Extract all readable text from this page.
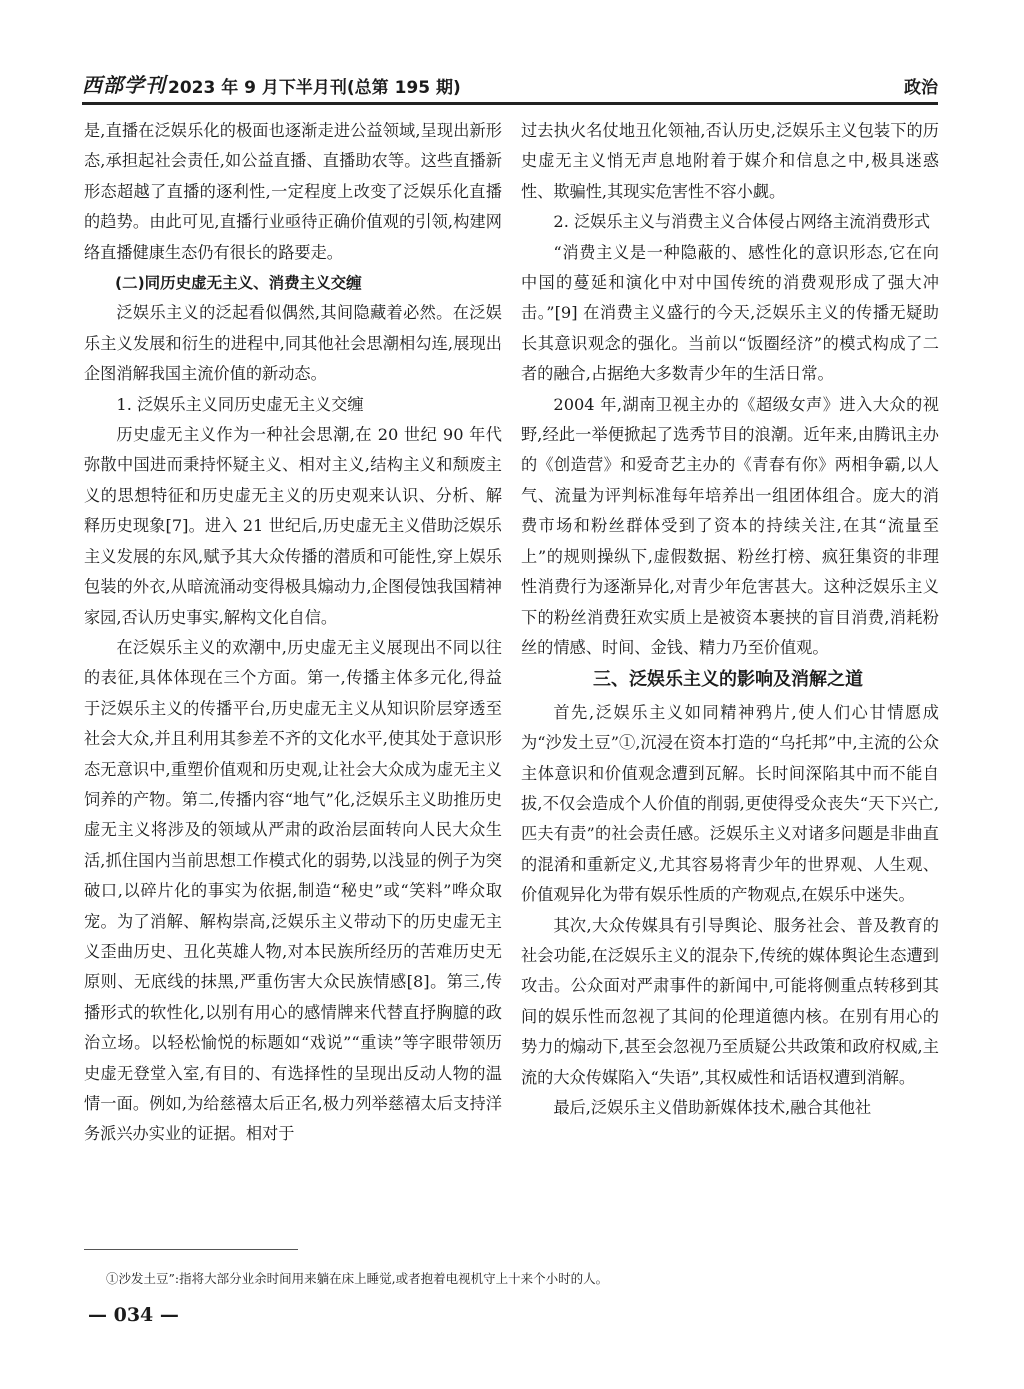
西部学刊 2023 年 9 月下半月刊(总第 195 期)	政治

是,直播在泛娱乐化的极面也逐渐走进公益领域,呈现出新形态,承担起社会责任,如公益直播、直播助农等。这些直播新形态超越了直播的逐利性,一定程度上改变了泛娱乐化直播的趋势。由此可见,直播行业亟待正确价值观的引领,构建网络直播健康生态仍有很长的路要走。

(二)同历史虚无主义、消费主义交缠

泛娱乐主义的泛起看似偶然,其间隐藏着必然。在泛娱乐主义发展和衍生的进程中,同其他社会思潮相勾连,展现出企图消解我国主流价值的新动态。

1. 泛娱乐主义同历史虚无主义交缠

历史虚无主义作为一种社会思潮,在 20 世纪 90 年代弥散中国进而秉持怀疑主义、相对主义,结构主义和颓废主义的思想特征和历史虚无主义的历史观来认识、分析、解释历史现象[7]。进入 21 世纪后,历史虚无主义借助泛娱乐主义发展的东风,赋予其大众传播的潜质和可能性,穿上娱乐包装的外衣,从暗流涌动变得极具煽动力,企图侵蚀我国精神家园,否认历史事实,解构文化自信。

在泛娱乐主义的欢潮中,历史虚无主义展现出不同以往的表征,具体体现在三个方面。第一,传播主体多元化,得益于泛娱乐主义的传播平台,历史虚无主义从知识阶层穿透至社会大众,并且利用其参差不齐的文化水平,使其处于意识形态无意识中,重塑价值观和历史观,让社会大众成为虚无主义饲养的产物。第二,传播内容“地气”化,泛娱乐主义助推历史虚无主义将涉及的领域从严肃的政治层面转向人民大众生活,抓住国内当前思想工作模式化的弱势,以浅显的例子为突破口,以碎片化的事实为依据,制造“秘史”或“笑料”哗众取宠。为了消解、解构崇高,泛娱乐主义带动下的历史虚无主义歪曲历史、丑化英雄人物,对本民族所经历的苦难历史无原则、无底线的抹黑,严重伤害大众民族情感[8]。第三,传播形式的软性化,以别有用心的感情牌来代替直抒胸臆的政治立场。以轻松愉悦的标题如“戏说”“重读”等字眼带领历史虚无登堂入室,有目的、有选择性的呈现出反动人物的温情一面。例如,为给慈禧太后正名,极力列举慈禧太后支持洋务派兴办实业的证据。相对于

过去执火名仗地丑化领袖,否认历史,泛娱乐主义包装下的历史虚无主义悄无声息地附着于媒介和信息之中,极具迷惑性、欺骗性,其现实危害性不容小觑。

2. 泛娱乐主义与消费主义合体侵占网络主流消费形式

“消费主义是一种隐蔽的、感性化的意识形态,它在向中国的蔓延和演化中对中国传统的消费观形成了强大冲击。”[9] 在消费主义盛行的今天,泛娱乐主义的传播无疑助长其意识观念的强化。当前以“饭圈经济”的模式构成了二者的融合,占据绝大多数青少年的生活日常。

2004 年,湖南卫视主办的《超级女声》进入大众的视野,经此一举便掀起了选秀节目的浪潮。近年来,由腾讯主办的《创造营》和爱奇艺主办的《青春有你》两相争霸,以人气、流量为评判标准每年培养出一组团体组合。庞大的消费市场和粉丝群体受到了资本的持续关注,在其“流量至上”的规则操纵下,虚假数据、粉丝打榜、疯狂集资的非理性消费行为逐渐异化,对青少年危害甚大。这种泛娱乐主义下的粉丝消费狂欢实质上是被资本裹挟的盲目消费,消耗粉丝的情感、时间、金钱、精力乃至价值观。

三、泛娱乐主义的影响及消解之道

首先,泛娱乐主义如同精神鸦片,使人们心甘情愿成为“沙发土豆”①,沉浸在资本打造的“乌托邦”中,主流的公众主体意识和价值观念遭到瓦解。长时间深陷其中而不能自拔,不仅会造成个人价值的削弱,更使得受众丧失“天下兴亡,匹夫有责”的社会责任感。泛娱乐主义对诸多问题是非曲直的混淆和重新定义,尤其容易将青少年的世界观、人生观、价值观异化为带有娱乐性质的产物观点,在娱乐中迷失。

其次,大众传媒具有引导舆论、服务社会、普及教育的社会功能,在泛娱乐主义的混杂下,传统的媒体舆论生态遭到攻击。公众面对严肃事件的新闻中,可能将侧重点转移到其间的娱乐性而忽视了其间的伦理道德内核。在别有用心的势力的煽动下,甚至会忽视乃至质疑公共政策和政府权威,主流的大众传媒陷入“失语”,其权威性和话语权遭到消解。

最后,泛娱乐主义借助新媒体技术,融合其他社

①沙发土豆”:指将大部分业余时间用来躺在床上睡觉,或者抱着电视机守上十来个小时的人。
— 034 —
